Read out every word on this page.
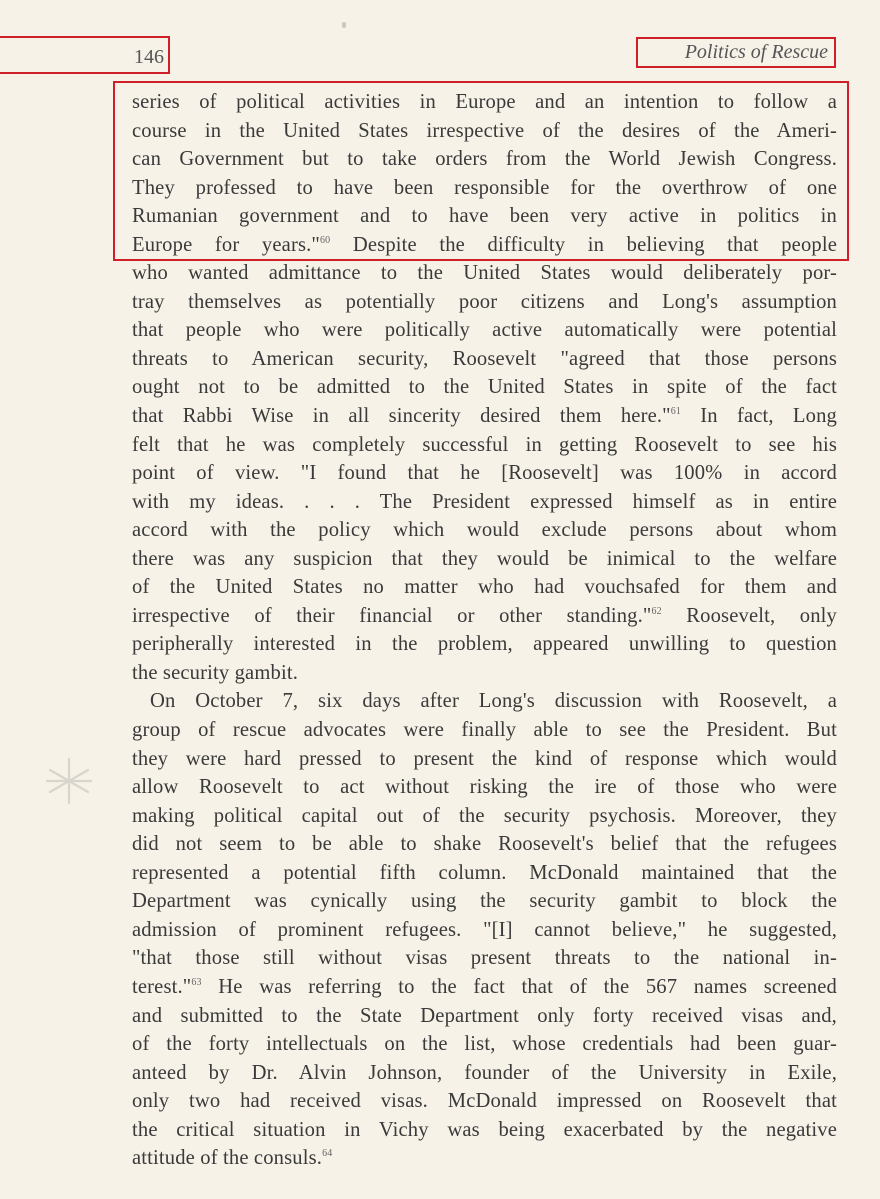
146	Politics of Rescue
series of political activities in Europe and an intention to follow a
course in the United States irrespective of the desires of the Ameri-
can Government but to take orders from the World Jewish Congress.
They professed to have been responsible for the overthrow of one
Rumanian government and to have been very active in politics in
Europe for years."$^{60}$ Despite the difficulty in believing that people
who wanted admittance to the United States would deliberately por-
tray themselves as potentially poor citizens and Long's assumption
that people who were politically active automatically were potential
threats to American security, Roosevelt "agreed that those persons
ought not to be admitted to the United States in spite of the fact
that Rabbi Wise in all sincerity desired them here."$^{61}$ In fact, Long
felt that he was completely successful in getting Roosevelt to see his
point of view. "I found that he [Roosevelt] was 100% in accord
with my ideas. . . . The President expressed himself as in entire
accord with the policy which would exclude persons about whom
there was any suspicion that they would be inimical to the welfare
of the United States no matter who had vouchsafed for them and
irrespective of their financial or other standing."$^{62}$ Roosevelt, only
peripherally interested in the problem, appeared unwilling to question
the security gambit.
On October 7, six days after Long's discussion with Roosevelt, a
group of rescue advocates were finally able to see the President. But
they were hard pressed to present the kind of response which would
allow Roosevelt to act without risking the ire of those who were
making political capital out of the security psychosis. Moreover, they
did not seem to be able to shake Roosevelt's belief that the refugees
represented a potential fifth column. McDonald maintained that the
Department was cynically using the security gambit to block the
admission of prominent refugees. "[I] cannot believe," he suggested,
"that those still without visas present threats to the national in-
terest."$^{63}$ He was referring to the fact that of the 567 names screened
and submitted to the State Department only forty received visas and,
of the forty intellectuals on the list, whose credentials had been guar-
anteed by Dr. Alvin Johnson, founder of the University in Exile,
only two had received visas. McDonald impressed on Roosevelt that
the critical situation in Vichy was being exacerbated by the negative
attitude of the consuls.$^{64}$
